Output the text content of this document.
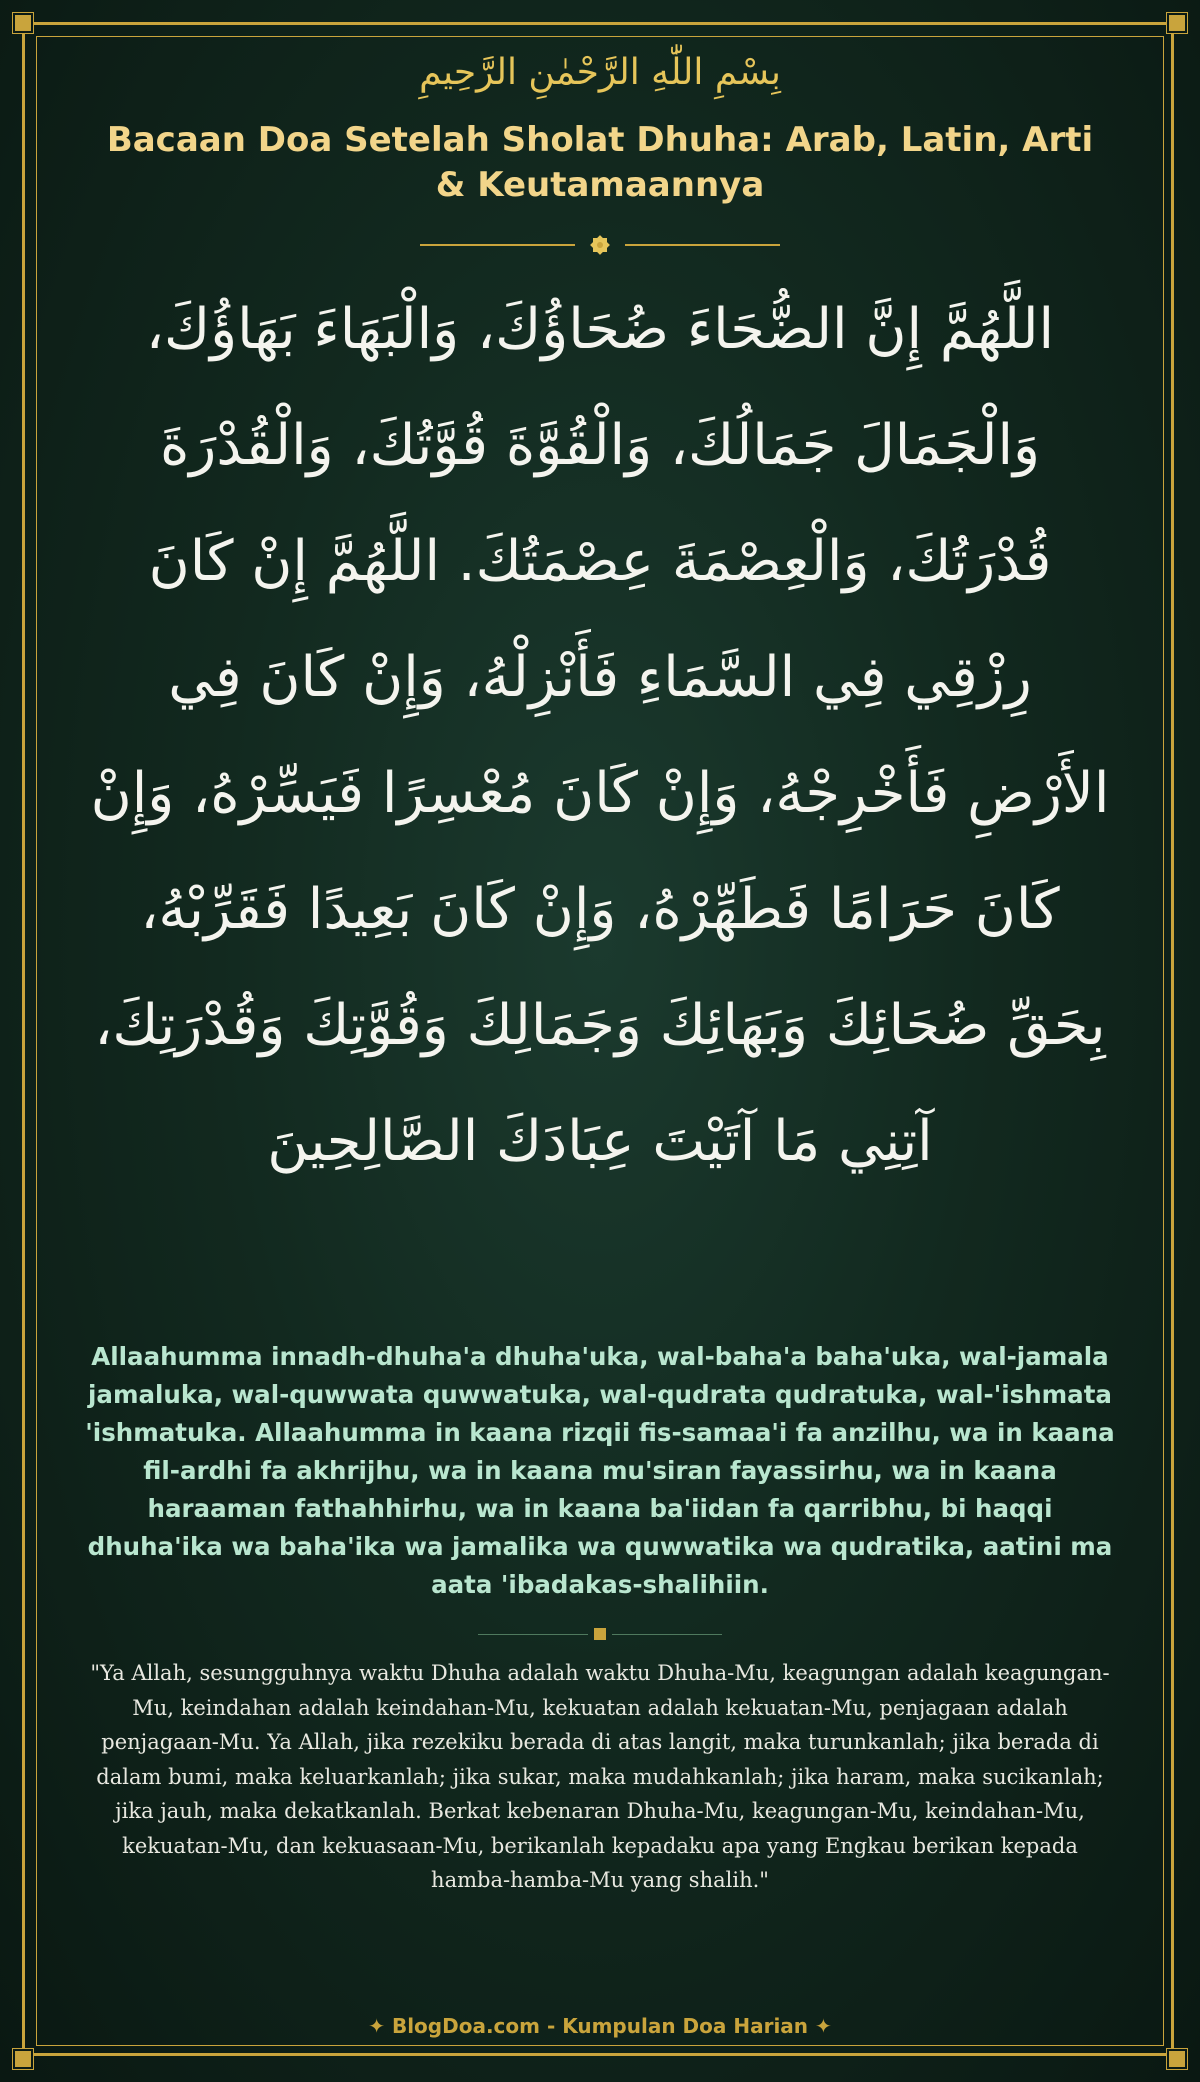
بِسْمِ اللّٰهِ الرَّحْمٰنِ الرَّحِيمِ
Bacaan Doa Setelah Sholat Dhuha: Arab, Latin, Arti & Keutamaannya
اللَّهُمَّ إِنَّ الضُّحَاءَ ضُحَاؤُكَ، وَالْبَهَاءَ بَهَاؤُكَ، وَالْجَمَالَ جَمَالُكَ، وَالْقُوَّةَ قُوَّتُكَ، وَالْقُدْرَةَ قُدْرَتُكَ، وَالْعِصْمَةَ عِصْمَتُكَ. اللَّهُمَّ إِنْ كَانَ رِزْقِي فِي السَّمَاءِ فَأَنْزِلْهُ، وَإِنْ كَانَ فِي الأَرْضِ فَأَخْرِجْهُ، وَإِنْ كَانَ مُعْسِرًا فَيَسِّرْهُ، وَإِنْ كَانَ حَرَامًا فَطَهِّرْهُ، وَإِنْ كَانَ بَعِيدًا فَقَرِّبْهُ، بِحَقِّ ضُحَائِكَ وَبَهَائِكَ وَجَمَالِكَ وَقُوَّتِكَ وَقُدْرَتِكَ، آتِنِي مَا آتَيْتَ عِبَادَكَ الصَّالِحِينَ
Allaahumma innadh-dhuha'a dhuha'uka, wal-baha'a baha'uka, wal-jamala jamaluka, wal-quwwata quwwatuka, wal-qudrata qudratuka, wal-'ishmata 'ishmatuka. Allaahumma in kaana rizqii fis-samaa'i fa anzilhu, wa in kaana fil-ardhi fa akhrijhu, wa in kaana mu'siran fayassirhu, wa in kaana haraaman fathahhirhu, wa in kaana ba'iidan fa qarribhu, bi haqqi dhuha'ika wa baha'ika wa jamalika wa quwwatika wa qudratika, aatini ma aata 'ibadakas-shalihiin.
"Ya Allah, sesungguhnya waktu Dhuha adalah waktu Dhuha-Mu, keagungan adalah keagungan-Mu, keindahan adalah keindahan-Mu, kekuatan adalah kekuatan-Mu, penjagaan adalah penjagaan-Mu. Ya Allah, jika rezekiku berada di atas langit, maka turunkanlah; jika berada di dalam bumi, maka keluarkanlah; jika sukar, maka mudahkanlah; jika haram, maka sucikanlah; jika jauh, maka dekatkanlah. Berkat kebenaran Dhuha-Mu, keagungan-Mu, keindahan-Mu, kekuatan-Mu, dan kekuasaan-Mu, berikanlah kepadaku apa yang Engkau berikan kepada hamba-hamba-Mu yang shalih."
✦ BlogDoa.com - Kumpulan Doa Harian ✦
